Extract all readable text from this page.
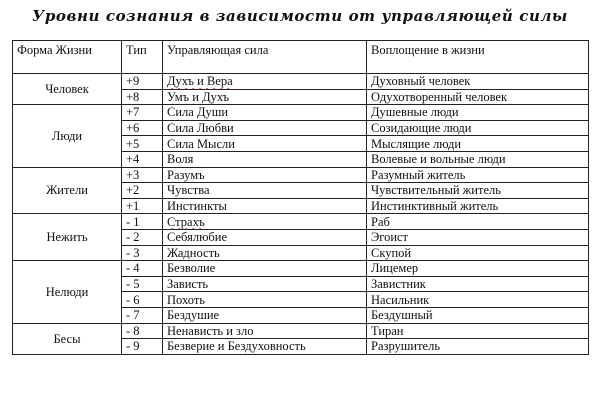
Уровни сознания в зависимости от управляющей силы
Форма Жизни	Тип	Управляющая сила	Воплощение в жизни
Человек	+9	Духъ и Вера	Духовный человек
	+8	Умъ и Духъ	Одухотворенный человек
Люди	+7	Сила Души	Душевные люди
	+6	Сила Любви	Созидающие люди
	+5	Сила Мысли	Мыслящие люди
	+4	Воля	Волевые и вольные люди
Жители	+3	Разумъ	Разумный житель
	+2	Чувства	Чувствительный житель
	+1	Инстинкты	Инстинктивный житель
Нежить	- 1	Страхъ	Раб
	- 2	Себялюбие	Эгоист
	- 3	Жадность	Скупой
Нелюди	- 4	Безволие	Лицемер
	- 5	Зависть	Завистник
	- 6	Похоть	Насильник
	- 7	Бездушие	Бездушный
Бесы	- 8	Ненависть и зло	Тиран
	- 9	Безверие и Бездуховность	Разрушитель
